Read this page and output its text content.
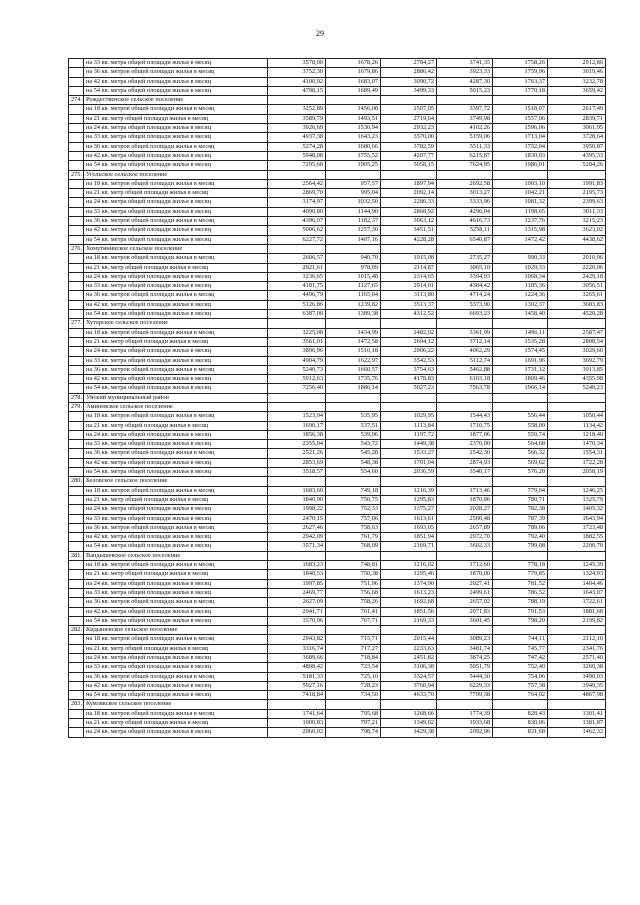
29
	на 33 кв. метра общей площади жилья в месяц	3578,00	1678,26	2784,27	3741,35	1758,26	2912,80
	на 36 кв. метров общей площади жилья в месяц	3752,30	1679,86	2886,42	3923,33	1759,96	3019,46
	на 42 кв. метра общей площади жилья в месяц	4100,92	1683,07	3090,72	4287,30	1763,37	3232,78
	на 54 кв. метра общей площади жилья в месяц	4798,15	1689,49	3499,33	5015,23	1770,18	3659,42
274.	Рождественское сельское поселение						
	на 18 кв. метров общей площади жилья в месяц	3252,89	1456,08	2507,05	3397,72	1518,07	2617,49
	на 21 кв. метр общей площади жилья в месяц	3589,79	1493,51	2719,64	3749,98	1557,06	2839,71
	на 24 кв. метра общей площади жилья в месяц	3926,69	1530,94	2932,23	4102,26	1596,06	3061,95
	на 33 кв. метра общей площади жилья в месяц	4937,38	1643,23	3570,00	5159,06	1713,04	3728,64
	на 36 кв. метров общей площади жилья в месяц	5274,28	1680,66	3782,59	5511,33	1752,04	3950,87
	на 42 кв. метра общей площади жилья в месяц	5948,08	1755,52	4207,77	6215,87	1830,03	4395,33
	на 54 кв. метра общей площади жилья в месяц	7295,68	1905,25	5058,15	7624,95	1986,01	5284,26
275.	Угольское сельское поселение						
	на 18 кв. метров общей площади жилья в месяц	2564,42	957,57	1897,94	2692,58	1003,10	1991,83
	на 21 кв. метр общей площади жилья в месяц	2869,70	995,04	2092,14	3013,27	1042,21	2195,73
	на 24 кв. метра общей площади жилья в месяц	3174,97	1032,50	2286,33	3333,96	1081,32	2399,63
	на 33 кв. метра общей площади жилья в месяц	4090,80	1144,90	2868,92	4296,04	1198,65	3011,33
	на 36 кв. метров общей площади жилья в месяц	4396,07	1182,37	3063,12	4616,73	1237,76	3215,23
	на 42 кв. метра общей площади жилья в месяц	5006,62	1257,30	3451,51	5258,11	1315,98	3623,02
	на 54 кв. метра общей площади жилья в месяц	6227,72	1407,16	4228,28	6540,87	1472,42	4438,62
276.	Хомутининское сельское поселение						
	на 18 кв. метров общей площади жилья в месяц	2606,57	940,70	1915,08	2735,27	990,33	2010,96
	на 21 кв. метр общей площади жилья в месяц	2921,61	978,09	2114,87	3065,10	1029,33	2220,06
	на 24 кв. метра общей площади жилья в месяц	3236,65	1015,48	2314,65	3394,93	1068,34	2429,18
	на 33 кв. метра общей площади жилья в месяц	4181,75	1127,65	2914,01	4384,42	1185,36	3056,51
	на 36 кв. метров общей площади жилья в месяц	4496,79	1165,04	3113,80	4714,24	1224,36	3265,61
	на 42 кв. метра общей площади жилья в месяц	5126,86	1239,82	3513,37	5373,90	1302,37	3683,83
	на 54 кв. метра общей площади жилья в месяц	6387,00	1389,38	4312,52	6693,23	1458,40	4520,28
277.	Хуторское сельское поселение						
	на 18 кв. метров общей площади жилья в месяц	3225,08	1434,99	2482,02	3361,99	1496,11	2587,47
	на 21 кв. метр общей площади жилья в месяц	3561,01	1472,58	2694,12	3712,14	1535,28	2808,54
	на 24 кв. метра общей площади жилья в месяц	3896,96	1510,18	2906,22	4062,29	1574,45	3029,60
	на 33 кв. метра общей площади жилья в месяц	4904,79	1622,97	3542,53	5112,74	1691,96	3692,79
	на 36 кв. метров общей площади жилья в месяц	5240,73	1660,57	3754,63	5462,88	1731,12	3913,85
	на 42 кв. метра общей площади жилья в месяц	5912,63	1735,76	4178,83	6163,18	1809,46	4355,98
	на 54 кв. метра общей площади жилья в месяц	7256,40	1886,14	5027,23	7563,78	1966,14	5240,23
278.	Уйский муниципальный район						
279.	Аминевское сельское поселение						
	на 18 кв. метров общей площади жилья в месяц	1523,94	535,95	1029,95	1544,43	556,44	1050,44
	на 21 кв. метр общей площади жилья в месяц	1690,17	537,51	1113,84	1710,75	558,09	1134,42
	на 24 кв. метра общей площади жилья в месяц	1856,38	539,06	1197,72	1877,06	559,74	1218,40
	на 33 кв. метра общей площади жилья в месяц	2355,04	543,72	1449,38	2376,00	564,68	1470,34
	на 36 кв. метров общей площади жилья в месяц	2521,26	545,28	1533,27	2542,30	566,32	1554,31
	на 42 кв. метра общей площади жилья в месяц	2853,69	548,38	1701,04	2874,93	569,62	1722,28
	на 54 кв. метра общей площади жилья в месяц	3518,57	554,60	2036,59	3540,17	576,20	2058,19
280.	Беловское сельское поселение						
	на 18 кв. метров общей площади жилья в месяц	1683,60	749,18	1216,39	1713,46	779,04	1246,25
	на 21 кв. метр общей площади жилья в месяц	1840,90	750,75	1295,83	1870,86	780,71	1325,79
	на 24 кв. метра общей площади жилья в месяц	1998,22	752,33	1375,27	2028,27	782,38	1405,32
	на 33 кв. метра общей площади жилья в месяц	2470,15	757,06	1613,61	2500,48	787,39	1643,94
	на 36 кв. метров общей площади жилья в месяц	2627,46	758,63	1693,05	2657,89	789,06	1723,48
	на 42 кв. метра общей площади жилья в месяц	2942,09	761,79	1851,94	2972,70	792,40	1882,55
	на 54 кв. метра общей площади жилья в месяц	3571,34	768,09	2169,71	3602,33	799,08	2200,70
281.	Вандышевское сельское поселение						
	на 18 кв. метров общей площади жилья в месяц	1683,23	748,81	1216,02	1712,60	778,18	1245,39
	на 21 кв. метр общей площади жилья в месяц	1840,53	750,38	1295,46	1870,00	779,85	1324,93
	на 24 кв. метра общей площади жилья в месяц	1997,85	751,96	1374,90	2027,41	781,52	1404,46
	на 33 кв. метра общей площади жилья в месяц	2469,77	756,68	1613,23	2499,61	786,52	1643,07
	на 36 кв. метров общей площади жилья в месяц	2627,09	758,26	1692,68	2657,02	788,19	1722,61
	на 42 кв. метра общей площади жилья в месяц	2941,71	761,41	1851,56	2971,83	791,53	1881,68
	на 54 кв. метра общей площади жилья в месяц	3570,96	767,71	2169,33	3601,45	798,20	2199,82
282.	Кидышевское сельское поселение						
	на 18 кв. метров общей площади жилья в месяц	2943,82	715,71	2015,44	3089,23	744,11	2112,10
	на 21 кв. метр общей площади жилья в месяц	3316,74	717,27	2233,63	3481,74	745,77	2341,76
	на 24 кв. метра общей площади жилья в месяц	3689,66	718,84	2451,82	3874,25	747,42	2571,40
	на 33 кв. метра общей площади жилья в месяц	4808,42	723,54	3106,38	5051,79	752,40	3260,38
	на 36 кв. метров общей площади жилья в месяц	5181,33	725,10	3324,57	5444,30	754,06	3490,03
	на 42 кв. метра общей площади жилья в месяц	5927,16	728,23	3760,94	6229,33	757,38	3949,35
	на 54 кв. метра общей площади жилья в месяц	7418,84	734,50	4633,70	7799,38	764,02	4867,98
283.	Кумлякское сельское поселение						
	на 18 кв. метров общей площади жилья в месяц	1741,64	795,68	1268,66	1774,39	828,43	1301,41
	на 21 кв. метр общей площади жилья в месяц	1900,83	797,21	1349,02	1933,68	830,06	1381,87
	на 24 кв. метра общей площади жилья в месяц	2060,02	798,74	1429,38	2092,96	831,68	1462,32
